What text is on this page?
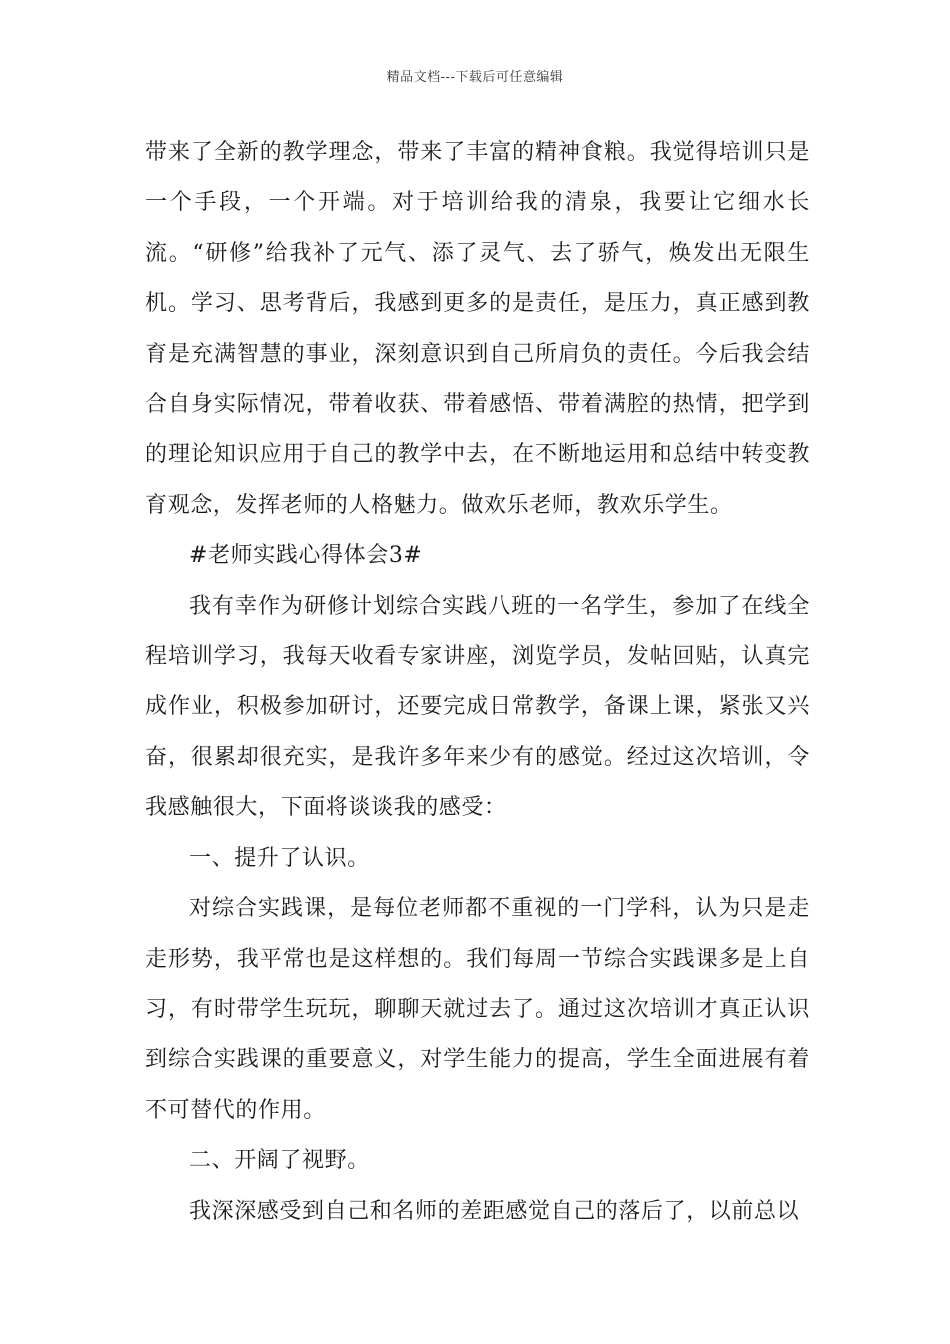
精品文档---下载后可任意编辑

带来了全新的教学理念，带来了丰富的精神食粮。我觉得培训只是一个手段，一个开端。对于培训给我的清泉，我要让它细水长流。“研修”给我补了元气、添了灵气、去了骄气，焕发出无限生机。学习、思考背后，我感到更多的是责任，是压力，真正感到教育是充满智慧的事业，深刻意识到自己所肩负的责任。今后我会结合自身实际情况，带着收获、带着感悟、带着满腔的热情，把学到的理论知识应用于自己的教学中去，在不断地运用和总结中转变教育观念，发挥老师的人格魅力。做欢乐老师，教欢乐学生。

#老师实践心得体会3#

我有幸作为研修计划综合实践八班的一名学生，参加了在线全程培训学习，我每天收看专家讲座，浏览学员，发帖回贴，认真完成作业，积极参加研讨，还要完成日常教学，备课上课，紧张又兴奋，很累却很充实，是我许多年来少有的感觉。经过这次培训，令我感触很大，下面将谈谈我的感受：

一、提升了认识。

对综合实践课，是每位老师都不重视的一门学科，认为只是走走形势，我平常也是这样想的。我们每周一节综合实践课多是上自习，有时带学生玩玩，聊聊天就过去了。通过这次培训才真正认识到综合实践课的重要意义，对学生能力的提高，学生全面进展有着不可替代的作用。

二、开阔了视野。

我深深感受到自己和名师的差距感觉自己的落后了，以前总以
